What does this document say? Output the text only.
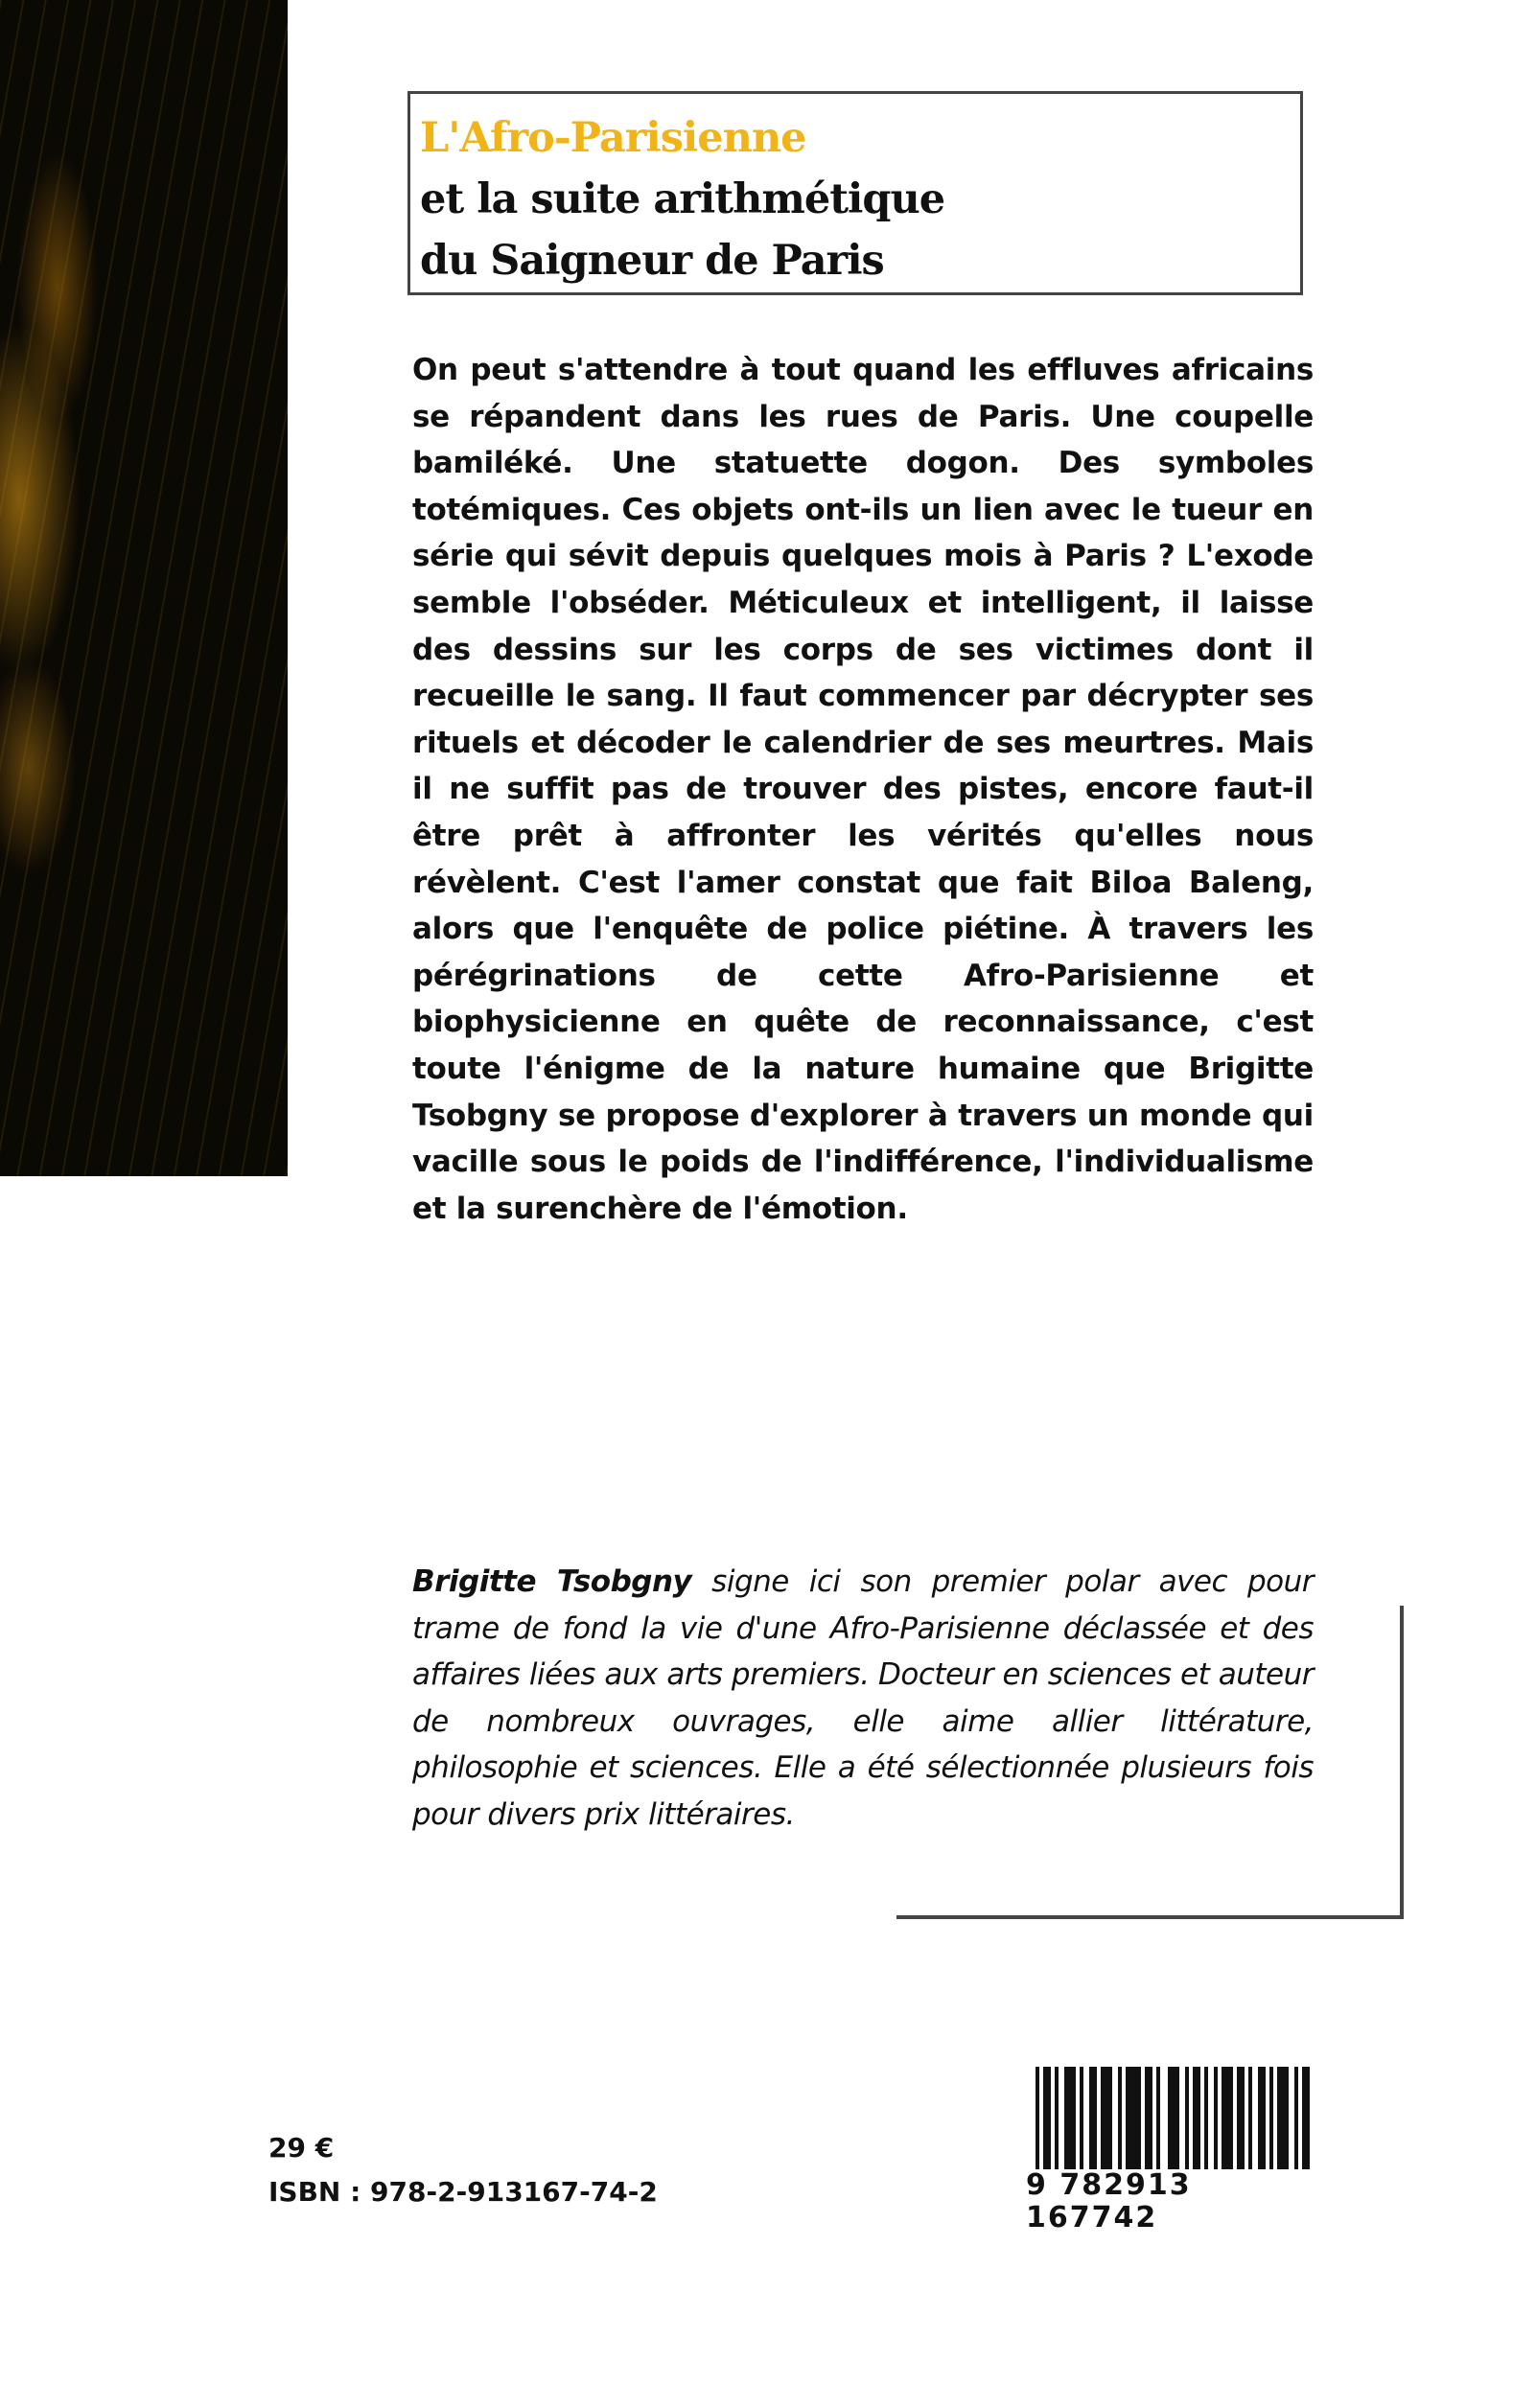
L'Afro-Parisienne
et la suite arithmétique
du Saigneur de Paris
On peut s'attendre à tout quand les effluves africains se répandent dans les rues de Paris. Une coupelle bamiléké. Une statuette dogon. Des symboles totémiques. Ces objets ont-ils un lien avec le tueur en série qui sévit depuis quelques mois à Paris ? L'exode semble l'obséder. Méticuleux et intelligent, il laisse des dessins sur les corps de ses victimes dont il recueille le sang. Il faut commencer par décrypter ses rituels et décoder le calendrier de ses meurtres. Mais il ne suffit pas de trouver des pistes, encore faut-il être prêt à affronter les vérités qu'elles nous révèlent. C'est l'amer constat que fait Biloa Baleng, alors que l'enquête de police piétine. À travers les pérégrinations de cette Afro-Parisienne et biophysicienne en quête de reconnaissance, c'est toute l'énigme de la nature humaine que Brigitte Tsobgny se propose d'explorer à travers un monde qui vacille sous le poids de l'indifférence, l'individualisme et la surenchère de l'émotion.
Brigitte Tsobgny signe ici son premier polar avec pour trame de fond la vie d'une Afro-Parisienne déclassée et des affaires liées aux arts premiers. Docteur en sciences et auteur de nombreux ouvrages, elle aime allier littérature, philosophie et sciences. Elle a été sélectionnée plusieurs fois pour divers prix littéraires.
29 €
ISBN : 978-2-913167-74-2	9 782913 167742
